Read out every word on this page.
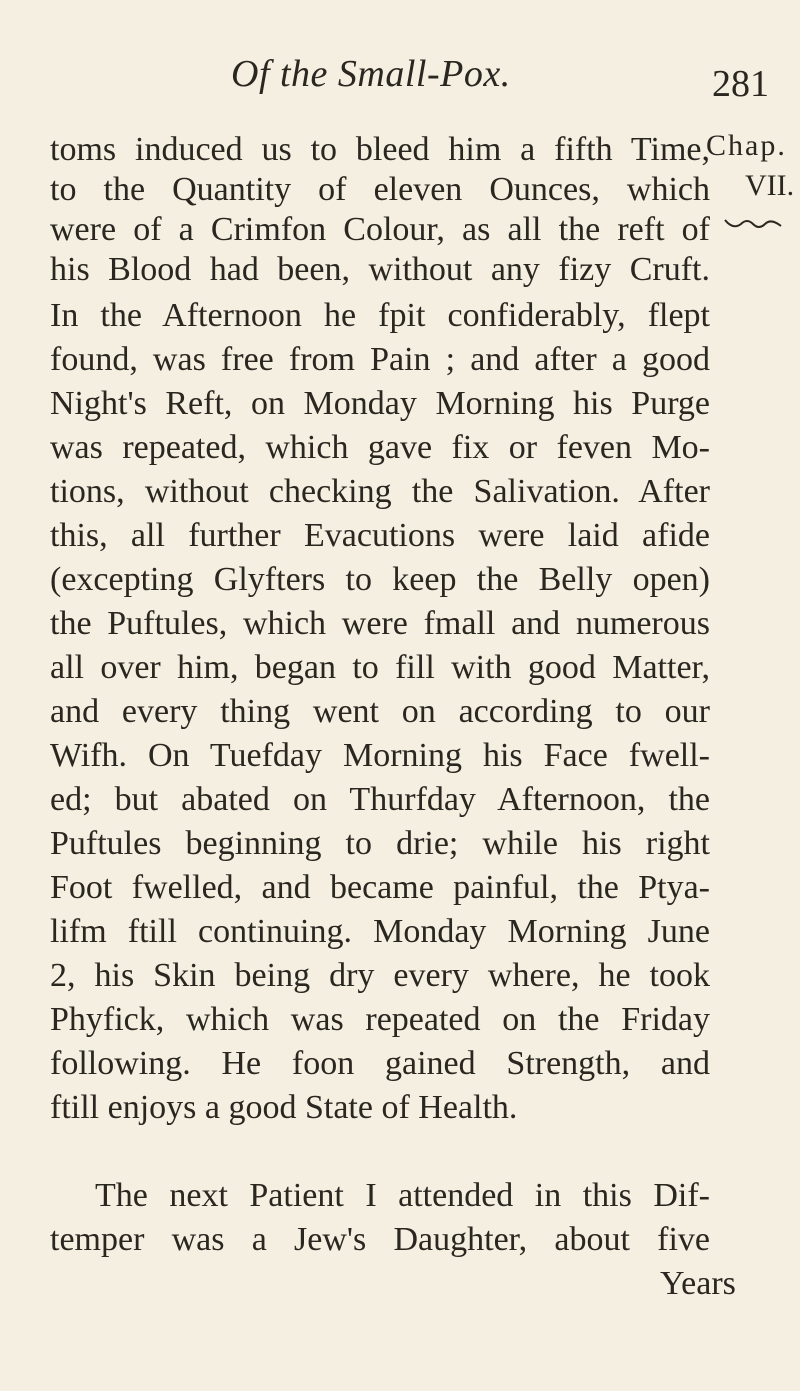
Of the Small-Pox.	281
Chap.
VII.
toms induced us to bleed him a fifth Time,
to the Quantity of eleven Ounces, which
were of a Crimfon Colour, as all the reft of
his Blood had been, without any fizy Cruft.
In the Afternoon he fpit confiderably, flept
found, was free from Pain ; and after a good
Night's Reft, on Monday Morning his Purge
was repeated, which gave fix or feven Mo-
tions, without checking the Salivation. After
this, all further Evacutions were laid afide
(excepting Glyfters to keep the Belly open)
the Puftules, which were fmall and numerous
all over him, began to fill with good Matter,
and every thing went on according to our
Wifh. On Tuefday Morning his Face fwell-
ed; but abated on Thurfday Afternoon, the
Puftules beginning to drie; while his right
Foot fwelled, and became painful, the Ptya-
lifm ftill continuing. Monday Morning June
2, his Skin being dry every where, he took
Phyfick, which was repeated on the Friday
following. He foon gained Strength, and
ftill enjoys a good State of Health.
The next Patient I attended in this Dif-
temper was a Jew's Daughter, about five
Years
